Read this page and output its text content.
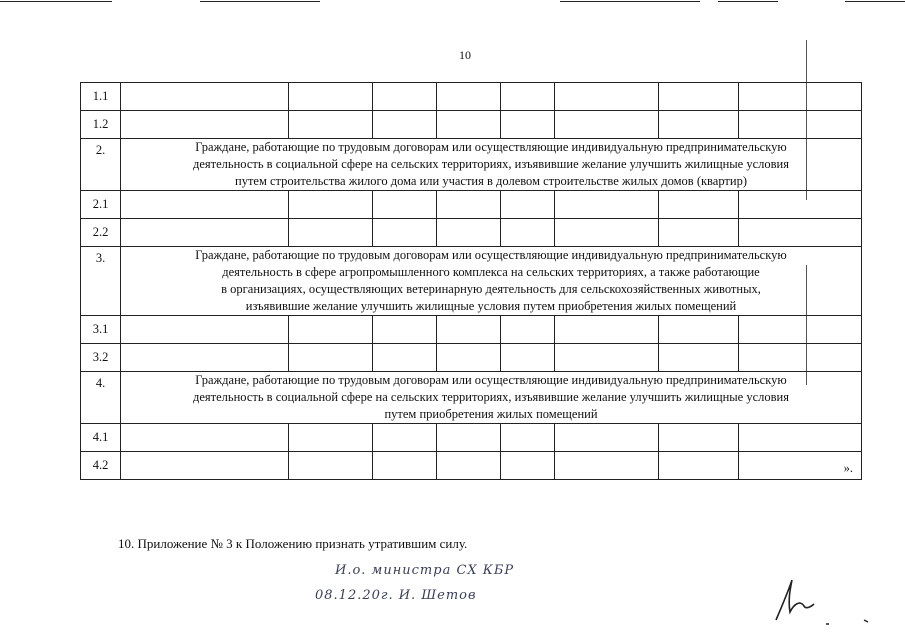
10
1.1								
1.2								
2.	Граждане, работающие по трудовым договорам или осуществляющие индивидуальную предпринимательскую
деятельность в социальной сфере на сельских территориях, изъявившие желание улучшить жилищные условия
путем строительства жилого дома или участия в долевом строительстве жилых домов (квартир)							

2.1								
2.2								
3.	Граждане, работающие по трудовым договорам или осуществляющие индивидуальную предпринимательскую
деятельность в сфере агропромышленного комплекса на сельских территориях, а также работающие
в организациях, осуществляющих ветеринарную деятельность для сельскохозяйственных животных,
изъявившие желание улучшить жилищные условия путем приобретения жилых помещений							

3.1								
3.2								
4.	Граждане, работающие по трудовым договорам или осуществляющие индивидуальную предпринимательскую
деятельность в социальной сфере на сельских территориях, изъявившие желание улучшить жилищные условия
путем приобретения жилых помещений							

4.1								
4.2								».
10. Приложение № 3 к Положению признать утратившим силу.
И.о. министра СХ КБР
08.12.20г. И. Шетов
